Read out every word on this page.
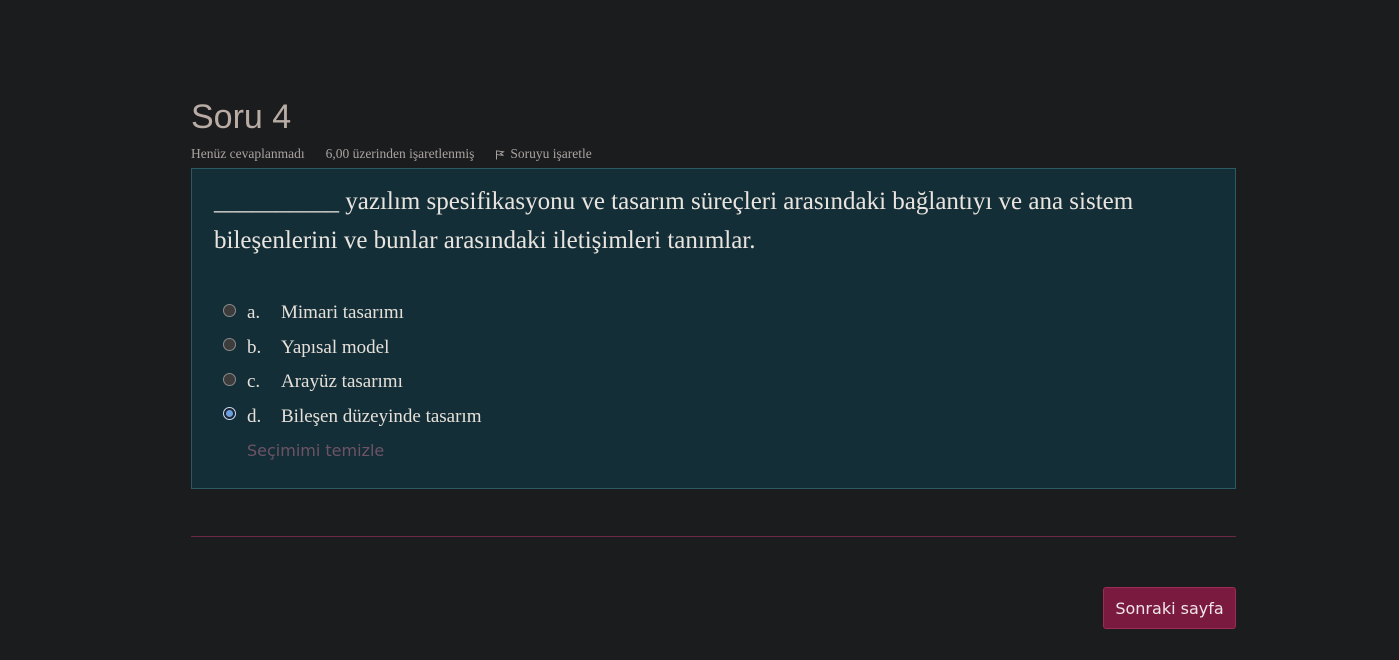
Soru 4
Henüz cevaplanmadı 6,00 üzerinden işaretlenmiş	Soruyu işaretle

__________ yazılım spesifikasyonu ve tasarım süreçleri arasındaki bağlantıyı ve ana sistem bileşenlerini ve bunlar arasındaki iletişimleri tanımlar.

a.	Mimari tasarımı
b.	Yapısal model
c.	Arayüz tasarımı
d.	Bileşen düzeyinde tasarım
Seçimimi temizle
Sonraki sayfa
